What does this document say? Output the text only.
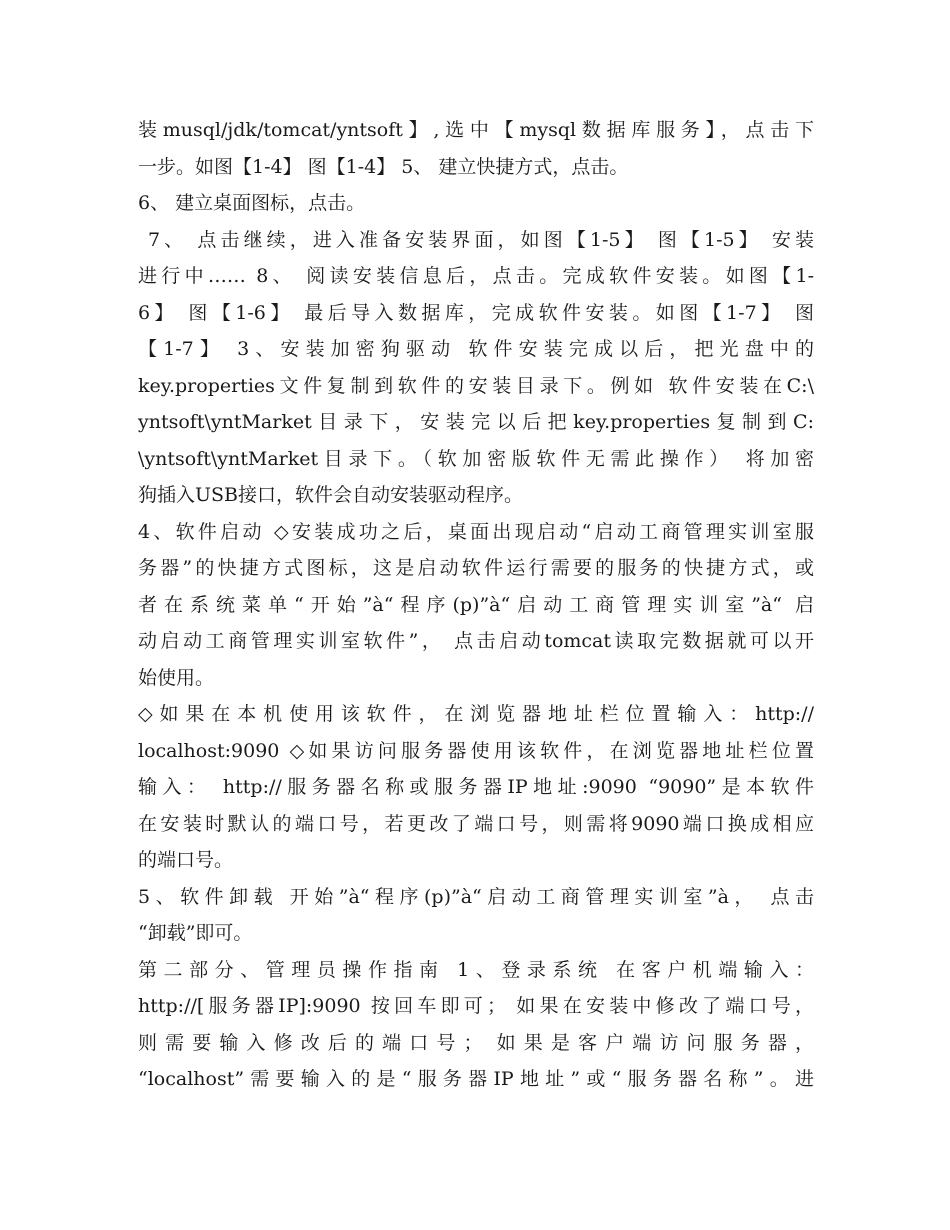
装musql/jdk/tomcat/yntsoft】,选中【mysql数据库服务】，点击下
一步。如图【1-4】 图【1-4】 5、 建立快捷方式，点击。
6、 建立桌面图标，点击。
7、 点击继续，进入准备安装界面，如图【1-5】 图【1-5】 安装
进行中…… 8、 阅读安装信息后，点击。完成软件安装。如图【1-
6】 图【1-6】 最后导入数据库，完成软件安装。如图【1-7】 图
【1-7】 3、安装加密狗驱动 软件安装完成以后，把光盘中的
key.properties文件复制到软件的安装目录下。例如 软件安装在C:\
yntsoft\yntMarket目录下，安装完以后把key.properties复制到C:
\yntsoft\yntMarket目录下。（软加密版软件无需此操作） 将加密
狗插入USB接口，软件会自动安装驱动程序。
4、软件启动 ◇安装成功之后，桌面出现启动“启动工商管理实训室服
务器”的快捷方式图标，这是启动软件运行需要的服务的快捷方式，或
者在系统菜单“开始”à“程序(p)”à“启动工商管理实训室”à“ 启
动启动工商管理实训室软件”， 点击启动tomcat读取完数据就可以开
始使用。
◇如果在本机使用该软件，在浏览器地址栏位置输入：http://
localhost:9090 ◇如果访问服务器使用该软件，在浏览器地址栏位置
输入： http://服务器名称或服务器IP地址:9090 “9090”是本软件
在安装时默认的端口号，若更改了端口号，则需将9090端口换成相应
的端口号。
5、软件卸载 开始”à“程序(p)”à“启动工商管理实训室”à， 点击
“卸载”即可。
第二部分、管理员操作指南 1、登录系统 在客户机端输入：
http://[服务器IP]:9090 按回车即可； 如果在安装中修改了端口号，
则需要输入修改后的端口号； 如果是客户端访问服务器，
“localhost”需要输入的是“服务器IP地址”或“服务器名称”。进
